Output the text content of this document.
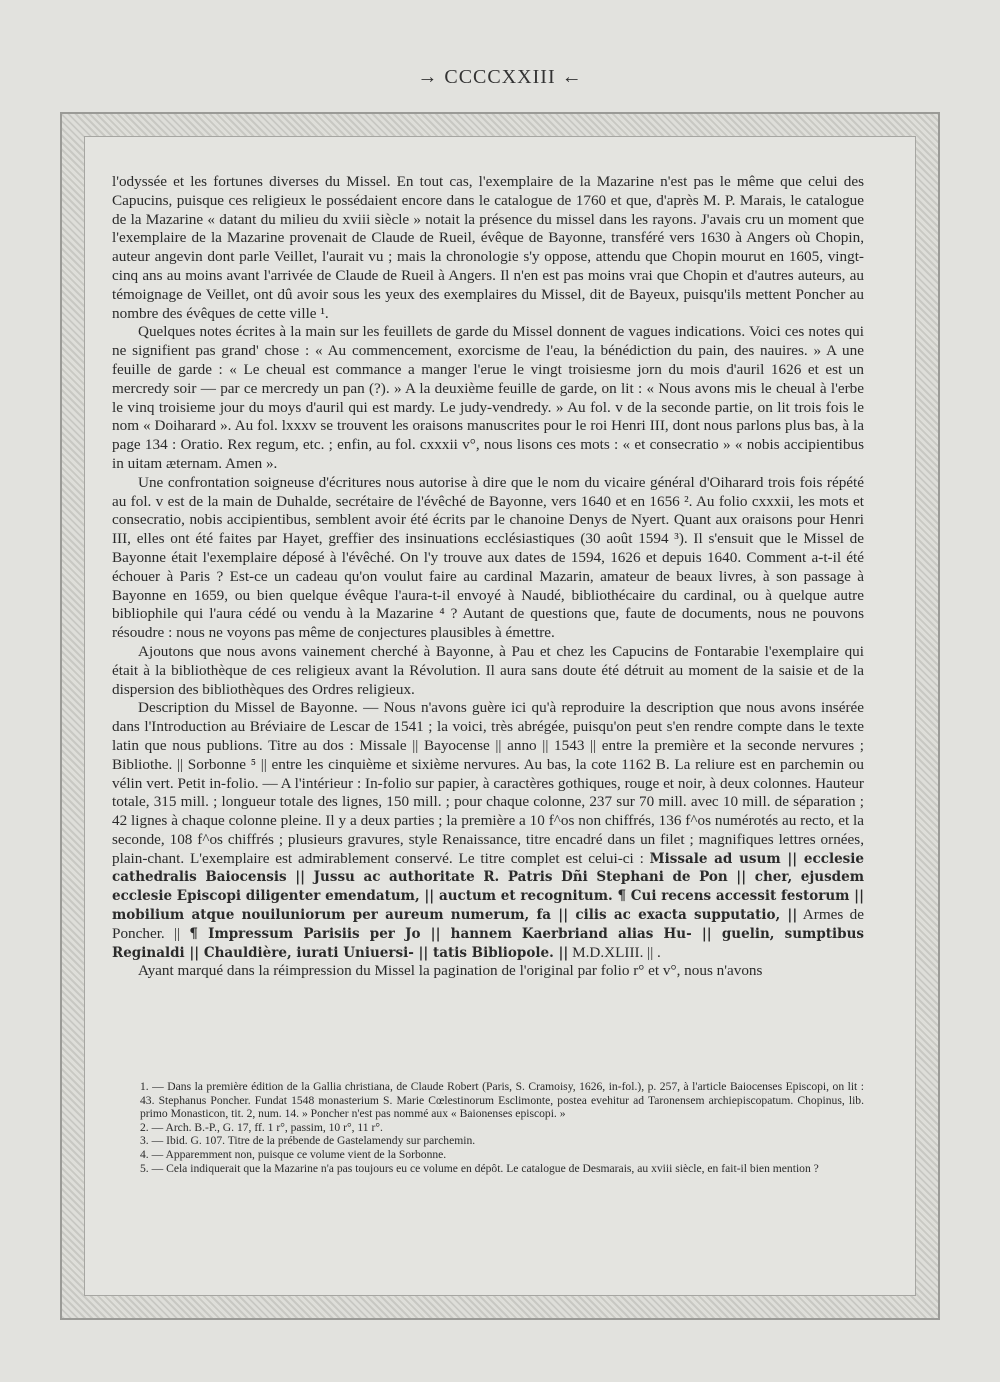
→ CCCCXXIII ←

l'odyssée et les fortunes diverses du Missel. En tout cas, l'exemplaire de la Mazarine n'est pas le même que celui des Capucins, puisque ces religieux le possédaient encore dans le catalogue de 1760 et que, d'après M. P. Marais, le catalogue de la Mazarine « datant du milieu du xviii siècle » notait la présence du missel dans les rayons. J'avais cru un moment que l'exemplaire de la Mazarine provenait de Claude de Rueil, évêque de Bayonne, transféré vers 1630 à Angers où Chopin, auteur angevin dont parle Veillet, l'aurait vu ; mais la chronologie s'y oppose, attendu que Chopin mourut en 1605, vingt-cinq ans au moins avant l'arrivée de Claude de Rueil à Angers. Il n'en est pas moins vrai que Chopin et d'autres auteurs, au témoignage de Veillet, ont dû avoir sous les yeux des exemplaires du Missel, dit de Bayeux, puisqu'ils mettent Poncher au nombre des évêques de cette ville ¹.

Quelques notes écrites à la main sur les feuillets de garde du Missel donnent de vagues indications. Voici ces notes qui ne signifient pas grand' chose : « Au commencement, exorcisme de l'eau, la bénédiction du pain, des nauires. » A une feuille de garde : « Le cheual est commance a manger l'erue le vingt troisiesme jorn du mois d'auril 1626 et est un mercredy soir — par ce mercredy un pan (?). » A la deuxième feuille de garde, on lit : « Nous avons mis le cheual à l'erbe le vinq troisieme jour du moys d'auril qui est mardy. Le judy-vendredy. » Au fol. v de la seconde partie, on lit trois fois le nom « Doiharard ». Au fol. lxxxv se trouvent les oraisons manuscrites pour le roi Henri III, dont nous parlons plus bas, à la page 134 : Oratio. Rex regum, etc. ; enfin, au fol. cxxxii v°, nous lisons ces mots : « et consecratio » « nobis accipientibus in uitam æternam. Amen ».

Une confrontation soigneuse d'écritures nous autorise à dire que le nom du vicaire général d'Oiharard trois fois répété au fol. v est de la main de Duhalde, secrétaire de l'évêché de Bayonne, vers 1640 et en 1656 ². Au folio cxxxii, les mots et consecratio, nobis accipientibus, semblent avoir été écrits par le chanoine Denys de Nyert. Quant aux oraisons pour Henri III, elles ont été faites par Hayet, greffier des insinuations ecclésiastiques (30 août 1594 ³). Il s'ensuit que le Missel de Bayonne était l'exemplaire déposé à l'évêché. On l'y trouve aux dates de 1594, 1626 et depuis 1640. Comment a-t-il été échouer à Paris ? Est-ce un cadeau qu'on voulut faire au cardinal Mazarin, amateur de beaux livres, à son passage à Bayonne en 1659, ou bien quelque évêque l'aura-t-il envoyé à Naudé, bibliothécaire du cardinal, ou à quelque autre bibliophile qui l'aura cédé ou vendu à la Mazarine ⁴ ? Autant de questions que, faute de documents, nous ne pouvons résoudre : nous ne voyons pas même de conjectures plausibles à émettre.

Ajoutons que nous avons vainement cherché à Bayonne, à Pau et chez les Capucins de Fontarabie l'exemplaire qui était à la bibliothèque de ces religieux avant la Révolution. Il aura sans doute été détruit au moment de la saisie et de la dispersion des bibliothèques des Ordres religieux.

Description du Missel de Bayonne. — Nous n'avons guère ici qu'à reproduire la description que nous avons insérée dans l'Introduction au Bréviaire de Lescar de 1541 ; la voici, très abrégée, puisqu'on peut s'en rendre compte dans le texte latin que nous publions. Titre au dos : Missale || Bayocense || anno || 1543 || entre la première et la seconde nervures ; Bibliothe. || Sorbonne ⁵ || entre les cinquième et sixième nervures. Au bas, la cote 1162 B. La reliure est en parchemin ou vélin vert. Petit in-folio. — A l'intérieur : In-folio sur papier, à caractères gothiques, rouge et noir, à deux colonnes. Hauteur totale, 315 mill. ; longueur totale des lignes, 150 mill. ; pour chaque colonne, 237 sur 70 mill. avec 10 mill. de séparation ; 42 lignes à chaque colonne pleine. Il y a deux parties ; la première a 10 f^os non chiffrés, 136 f^os numérotés au recto, et la seconde, 108 f^os chiffrés ; plusieurs gravures, style Renaissance, titre encadré dans un filet ; magnifiques lettres ornées, plain-chant. L'exemplaire est admirablement conservé. Le titre complet est celui-ci : Missale ad usum || ecclesie cathedralis Baiocensis || Jussu ac authoritate R. Patris Dñi Stephani de Pon || cher, ejusdem ecclesie Episcopi diligenter emendatum, || auctum et recognitum. ¶ Cui recens accessit festorum || mobilium atque nouiluniorum per aureum numerum, fa || cilis ac exacta supputatio, || Armes de Poncher. || ¶ Impressum Parisiis per Jo || hannem Kaerbriand alias Hu- || guelin, sumptibus Reginaldi || Chauldière, iurati Uniuersi- || tatis Bibliopole. || M.D.XLIII. || .

Ayant marqué dans la réimpression du Missel la pagination de l'original par folio r° et v°, nous n'avons

1. — Dans la première édition de la Gallia christiana, de Claude Robert (Paris, S. Cramoisy, 1626, in-fol.), p. 257, à l'article Baiocenses Episcopi, on lit : 43. Stephanus Poncher. Fundat 1548 monasterium S. Marie Cœlestinorum Esclimonte, postea evehitur ad Taronensem archiepiscopatum. Chopinus, lib. primo Monasticon, tit. 2, num. 14. » Poncher n'est pas nommé aux « Baionenses episcopi. »

2. — Arch. B.-P., G. 17, ff. 1 r°, passim, 10 r°, 11 r°.

3. — Ibid. G. 107. Titre de la prébende de Gastelamendy sur parchemin.

4. — Apparemment non, puisque ce volume vient de la Sorbonne.

5. — Cela indiquerait que la Mazarine n'a pas toujours eu ce volume en dépôt. Le catalogue de Desmarais, au xviii siècle, en fait-il bien mention ?
